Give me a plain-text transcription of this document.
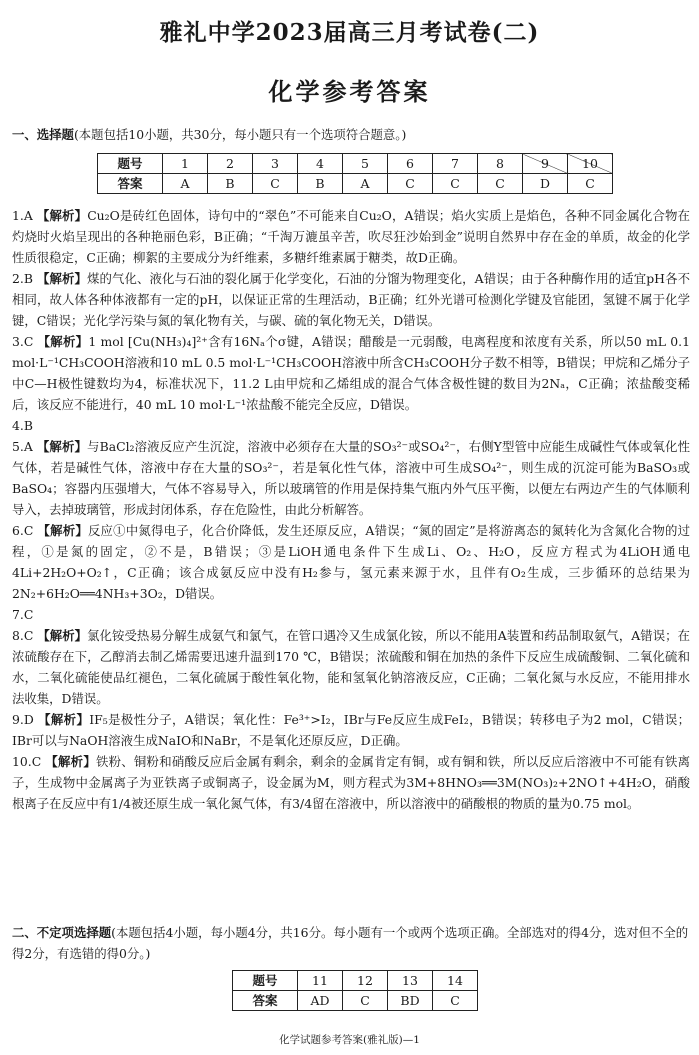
雅礼中学2023届高三月考试卷(二)
化学参考答案
一、选择题(本题包括10小题，共30分，每小题只有一个选项符合题意。)
题号	1	2	3	4	5	6	7	8	9	10
答案	A	B	C	B	A	C	C	C	D	C
1.A 【解析】Cu₂O是砖红色固体，诗句中的“翠色”不可能来自Cu₂O，A错误；焰火实质上是焰色，各种不同金属化合物在灼烧时火焰呈现出的各种艳丽色彩，B正确；“千淘万漉虽辛苦，吹尽狂沙始到金”说明自然界中存在金的单质，故金的化学性质很稳定，C正确；柳絮的主要成分为纤维素，多糖纤维素属于糖类，故D正确。
2.B 【解析】煤的气化、液化与石油的裂化属于化学变化，石油的分馏为物理变化，A错误；由于各种酶作用的适宜pH各不相同，故人体各种体液都有一定的pH，以保证正常的生理活动，B正确；红外光谱可检测化学键及官能团，氢键不属于化学键，C错误；光化学污染与氮的氧化物有关，与碳、硫的氧化物无关，D错误。
3.C 【解析】1 mol [Cu(NH₃)₄]²⁺含有16Nₐ个σ键，A错误；醋酸是一元弱酸，电离程度和浓度有关系，所以50 mL 0.1 mol·L⁻¹CH₃COOH溶液和10 mL 0.5 mol·L⁻¹CH₃COOH溶液中所含CH₃COOH分子数不相等，B错误；甲烷和乙烯分子中C—H极性键数均为4，标准状况下，11.2 L由甲烷和乙烯组成的混合气体含极性键的数目为2Nₐ，C正确；浓盐酸变稀后，该反应不能进行，40 mL 10 mol·L⁻¹浓盐酸不能完全反应，D错误。
4.B
5.A 【解析】与BaCl₂溶液反应产生沉淀，溶液中必须存在大量的SO₃²⁻或SO₄²⁻，右侧Y型管中应能生成碱性气体或氧化性气体，若是碱性气体，溶液中存在大量的SO₃²⁻，若是氧化性气体，溶液中可生成SO₄²⁻，则生成的沉淀可能为BaSO₃或BaSO₄；容器内压强增大，气体不容易导入，所以玻璃管的作用是保持集气瓶内外气压平衡，以便左右两边产生的气体顺利导入，去掉玻璃管，形成封闭体系，存在危险性，由此分析解答。
6.C 【解析】反应①中氮得电子，化合价降低，发生还原反应，A错误；“氮的固定”是将游离态的氮转化为含氮化合物的过程，①是氮的固定，②不是，B错误；③是LiOH通电条件下生成Li、O₂、H₂O，反应方程式为4LiOH通电4Li+2H₂O+O₂↑，C正确；该合成氨反应中没有H₂参与，氢元素来源于水，且伴有O₂生成，三步循环的总结果为2N₂+6H₂O══4NH₃+3O₂，D错误。
7.C
8.C 【解析】氯化铵受热易分解生成氨气和氯气，在管口遇冷又生成氯化铵，所以不能用A装置和药品制取氨气，A错误；在浓硫酸存在下，乙醇消去制乙烯需要迅速升温到170 ℃，B错误；浓硫酸和铜在加热的条件下反应生成硫酸铜、二氧化硫和水，二氧化硫能使品红褪色，二氧化硫属于酸性氧化物，能和氢氧化钠溶液反应，C正确；二氧化氮与水反应，不能用排水法收集，D错误。
9.D 【解析】IF₅是极性分子，A错误；氧化性：Fe³⁺>I₂，IBr与Fe反应生成FeI₂，B错误；转移电子为2 mol，C错误；IBr可以与NaOH溶液生成NaIO和NaBr，不是氧化还原反应，D正确。
10.C 【解析】铁粉、铜粉和硝酸反应后金属有剩余，剩余的金属肯定有铜，或有铜和铁，所以反应后溶液中不可能有铁离子，生成物中金属离子为亚铁离子或铜离子，设金属为M，则方程式为3M+8HNO₃══3M(NO₃)₂+2NO↑+4H₂O，硝酸根离子在反应中有1/4被还原生成一氧化氮气体，有3/4留在溶液中，所以溶液中的硝酸根的物质的量为0.75 mol。
二、不定项选择题(本题包括4小题，每小题4分，共16分。每小题有一个或两个选项正确。全部选对的得4分，选对但不全的得2分，有选错的得0分。)
题号	11	12	13	14
答案	AD	C	BD	C
化学试题参考答案(雅礼版)—1
